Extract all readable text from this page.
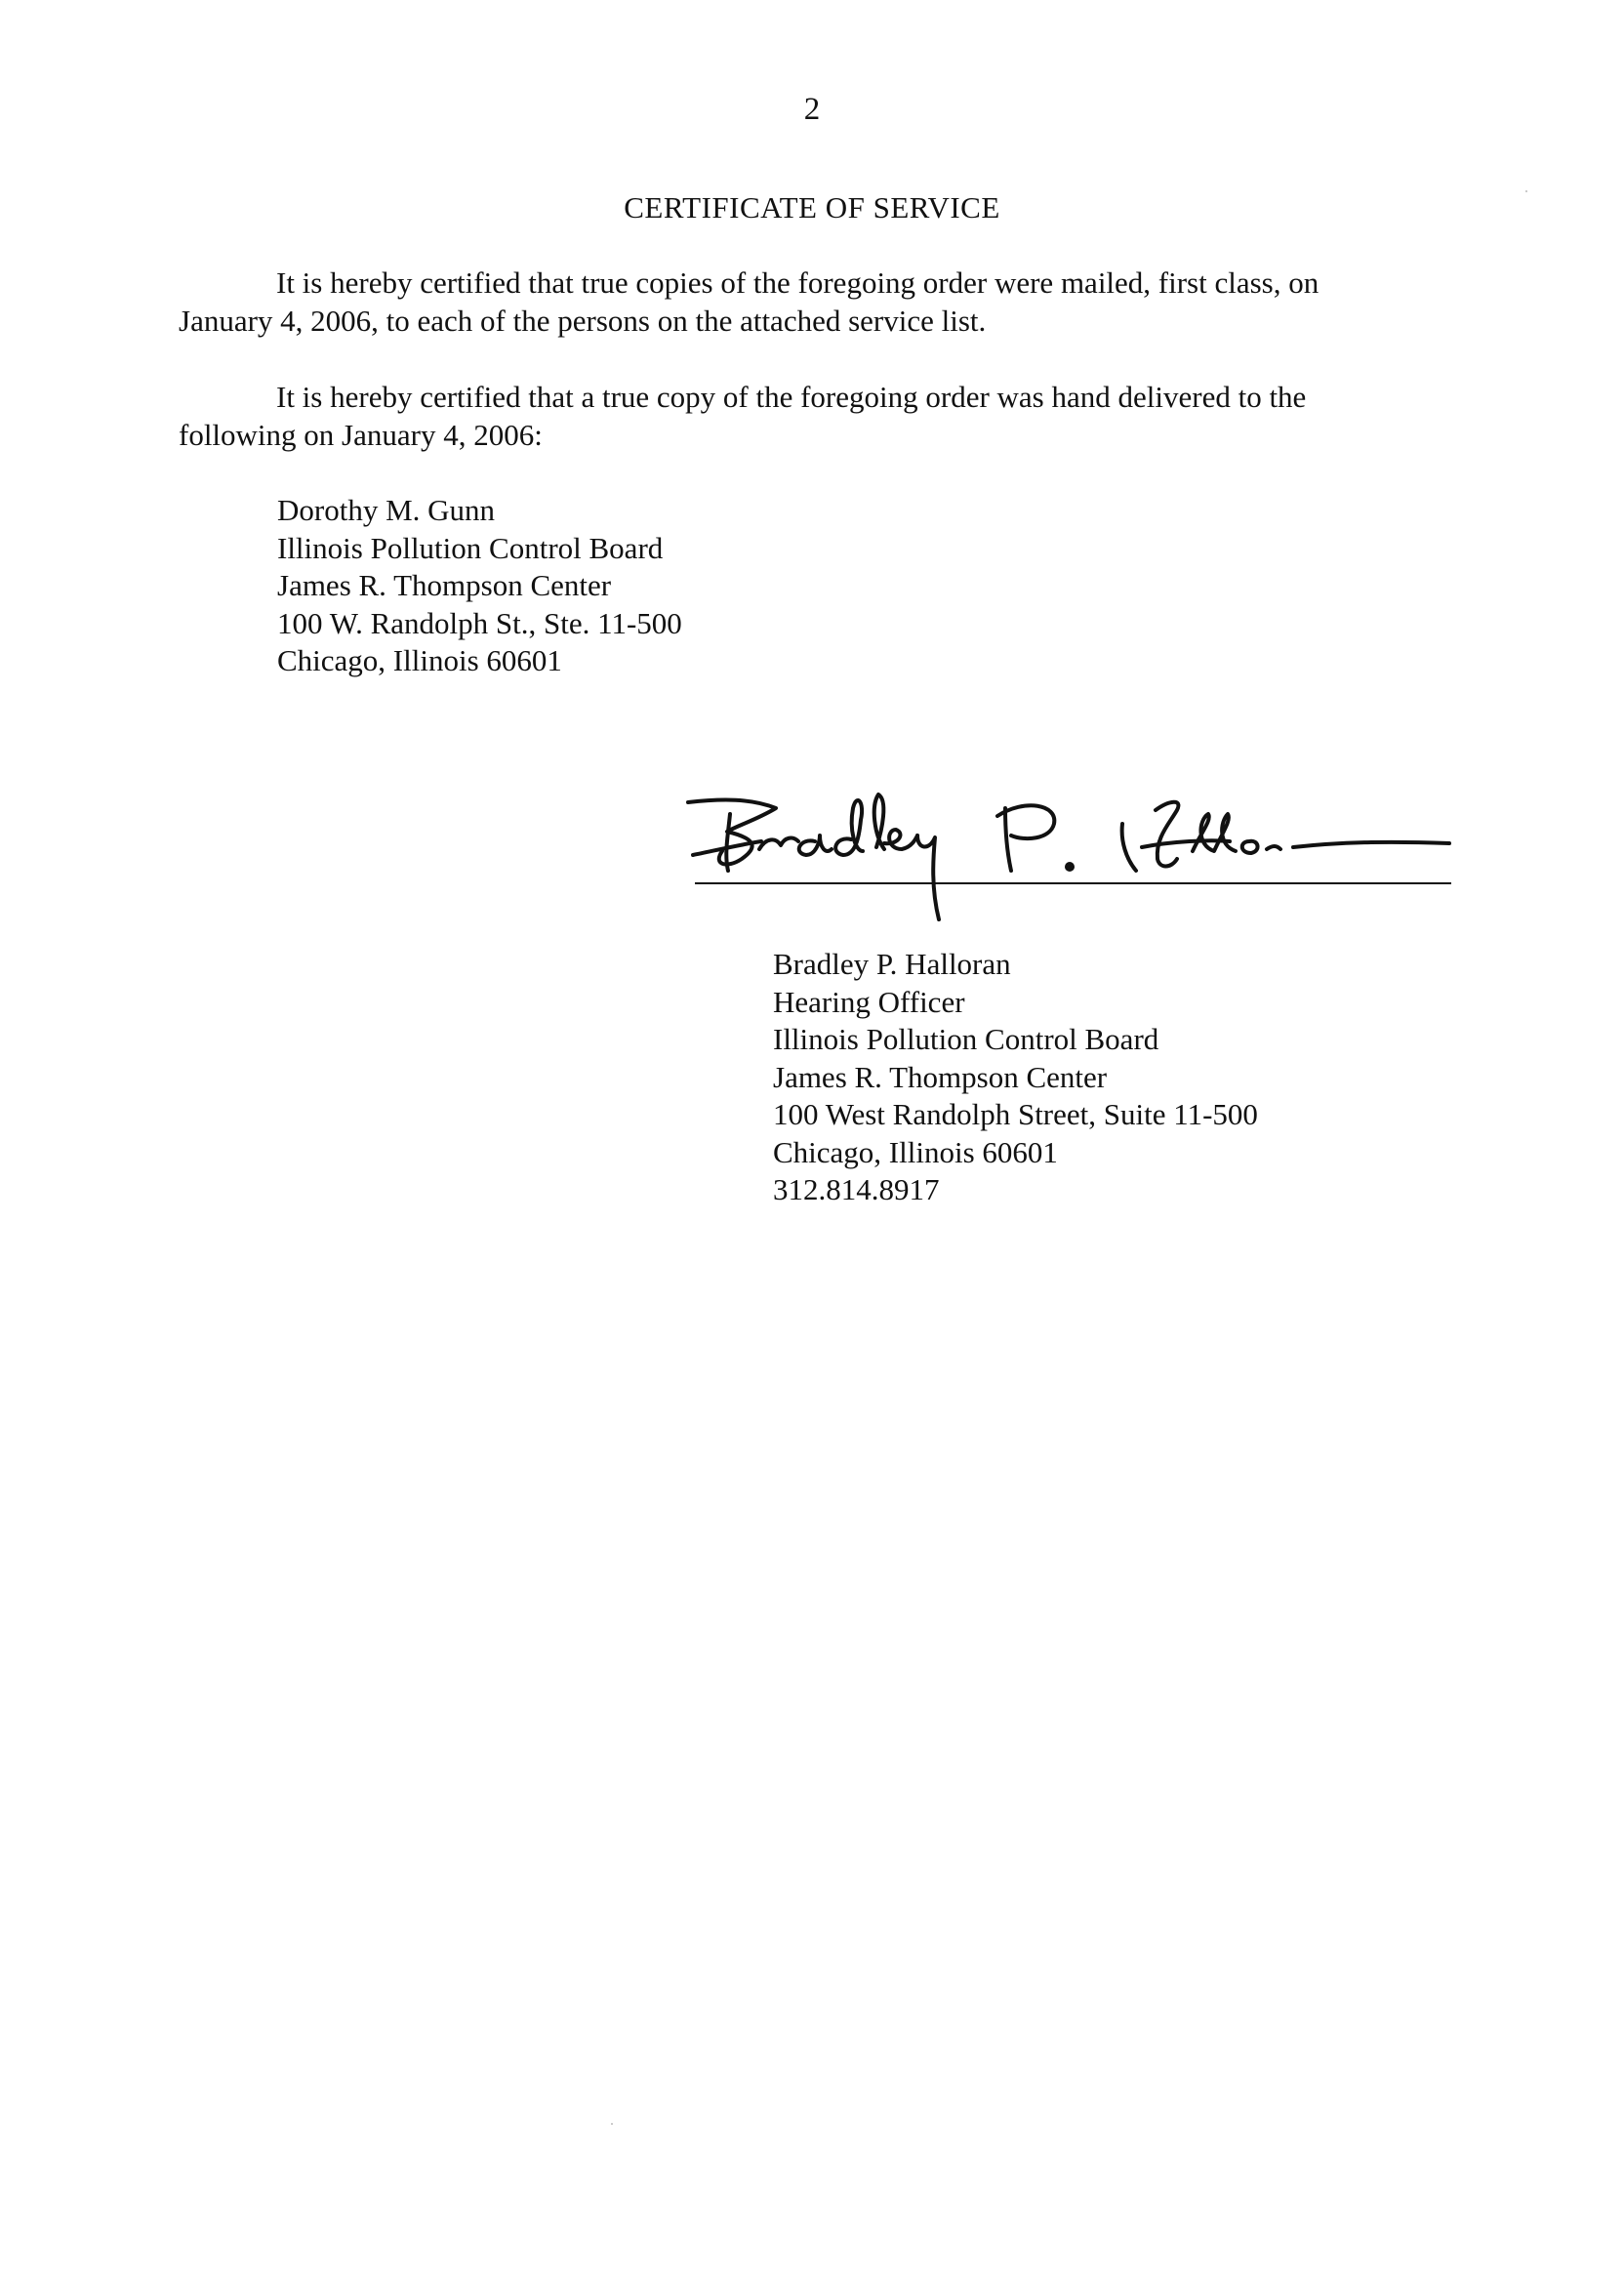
2
CERTIFICATE OF SERVICE

It is hereby certified that true copies of the foregoing order were mailed, first class, on
January 4, 2006, to each of the persons on the attached service list.

It is hereby certified that a true copy of the foregoing order was hand delivered to the
following on January 4, 2006:

Dorothy M. Gunn
Illinois Pollution Control Board
James R. Thompson Center
100 W. Randolph St., Ste. 11-500
Chicago, Illinois 60601
Bradley P. Halloran
Hearing Officer
Illinois Pollution Control Board
James R. Thompson Center
100 West Randolph Street, Suite 11-500
Chicago, Illinois 60601
312.814.8917
